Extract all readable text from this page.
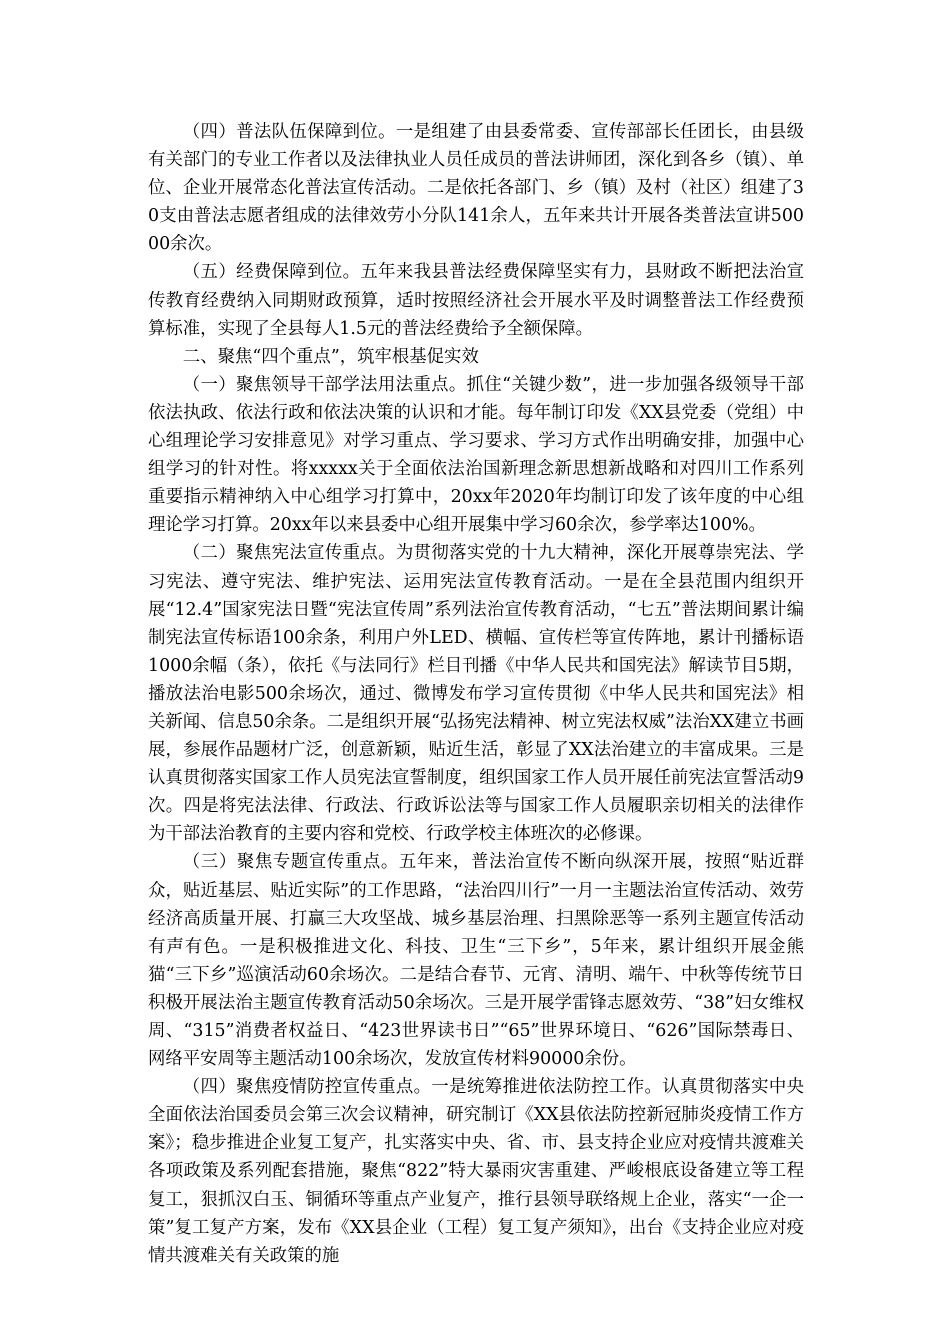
（四）普法队伍保障到位。一是组建了由县委常委、宣传部部长任团长，由县级有关部门的专业工作者以及法律执业人员任成员的普法讲师团，深化到各乡（镇）、单位、企业开展常态化普法宣传活动。二是依托各部门、乡（镇）及村（社区）组建了30支由普法志愿者组成的法律效劳小分队141余人，五年来共计开展各类普法宣讲50000余次。

（五）经费保障到位。五年来我县普法经费保障坚实有力，县财政不断把法治宣传教育经费纳入同期财政预算，适时按照经济社会开展水平及时调整普法工作经费预算标准，实现了全县每人1.5元的普法经费给予全额保障。

二、聚焦“四个重点”，筑牢根基促实效

（一）聚焦领导干部学法用法重点。抓住“关键少数”，进一步加强各级领导干部依法执政、依法行政和依法决策的认识和才能。每年制订印发《XX县党委（党组）中心组理论学习安排意见》对学习重点、学习要求、学习方式作出明确安排，加强中心组学习的针对性。将xxxxx关于全面依法治国新理念新思想新战略和对四川工作系列重要指示精神纳入中心组学习打算中，20xx年2020年均制订印发了该年度的中心组理论学习打算。20xx年以来县委中心组开展集中学习60余次，参学率达100%。

（二）聚焦宪法宣传重点。为贯彻落实党的十九大精神，深化开展尊崇宪法、学习宪法、遵守宪法、维护宪法、运用宪法宣传教育活动。一是在全县范围内组织开展“12.4”国家宪法日暨“宪法宣传周”系列法治宣传教育活动，“七五”普法期间累计编制宪法宣传标语100余条，利用户外LED、横幅、宣传栏等宣传阵地，累计刊播标语1000余幅（条），依托《与法同行》栏目刊播《中华人民共和国宪法》解读节目5期，播放法治电影500余场次，通过、微博发布学习宣传贯彻《中华人民共和国宪法》相关新闻、信息50余条。二是组织开展“弘扬宪法精神、树立宪法权威”法治XX建立书画展，参展作品题材广泛，创意新颖，贴近生活，彰显了XX法治建立的丰富成果。三是认真贯彻落实国家工作人员宪法宣誓制度，组织国家工作人员开展任前宪法宣誓活动9次。四是将宪法法律、行政法、行政诉讼法等与国家工作人员履职亲切相关的法律作为干部法治教育的主要内容和党校、行政学校主体班次的必修课。

（三）聚焦专题宣传重点。五年来，普法治宣传不断向纵深开展，按照“贴近群众，贴近基层、贴近实际”的工作思路，“法治四川行”一月一主题法治宣传活动、效劳经济高质量开展、打赢三大攻坚战、城乡基层治理、扫黑除恶等一系列主题宣传活动有声有色。一是积极推进文化、科技、卫生“三下乡”，5年来，累计组织开展金熊猫“三下乡”巡演活动60余场次。二是结合春节、元宵、清明、端午、中秋等传统节日积极开展法治主题宣传教育活动50余场次。三是开展学雷锋志愿效劳、“38”妇女维权周、“315”消费者权益日、“423世界读书日”“65”世界环境日、“626”国际禁毒日、网络平安周等主题活动100余场次，发放宣传材料90000余份。

（四）聚焦疫情防控宣传重点。一是统筹推进依法防控工作。认真贯彻落实中央全面依法治国委员会第三次会议精神，研究制订《XX县依法防控新冠肺炎疫情工作方案》；稳步推进企业复工复产，扎实落实中央、省、市、县支持企业应对疫情共渡难关各项政策及系列配套措施，聚焦“822”特大暴雨灾害重建、严峻根底设备建立等工程复工，狠抓汉白玉、铜循环等重点产业复产，推行县领导联络规上企业，落实“一企一策”复工复产方案，发布《XX县企业（工程）复工复产须知》，出台《支持企业应对疫情共渡难关有关政策的施
